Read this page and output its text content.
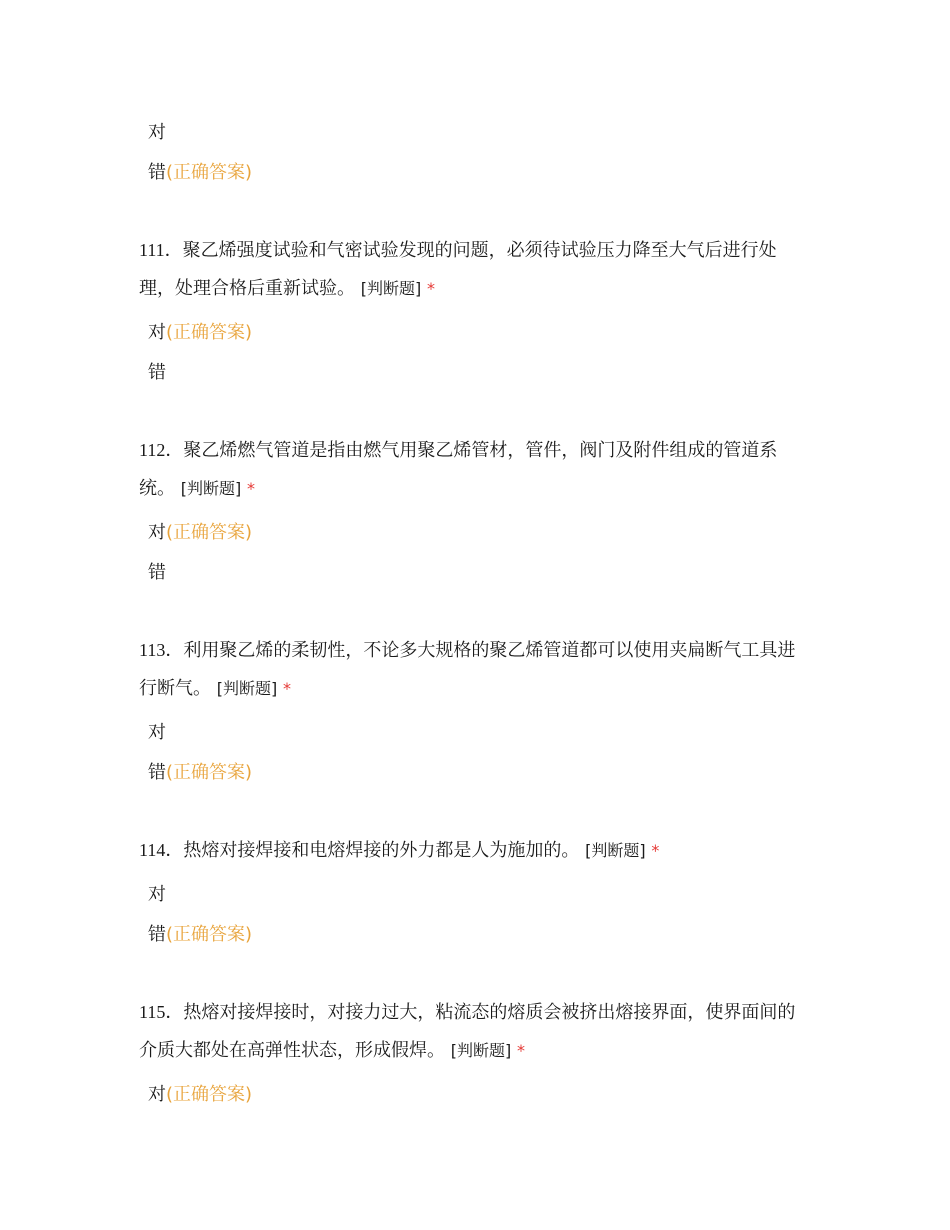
对
错(正确答案)
111．聚乙烯强度试验和气密试验发现的问题，必须待试验压力降至大气后进行处理，处理合格后重新试验。 [判断题] *
对(正确答案)
错
112．聚乙烯燃气管道是指由燃气用聚乙烯管材，管件，阀门及附件组成的管道系统。 [判断题] *
对(正确答案)
错
113．利用聚乙烯的柔韧性，不论多大规格的聚乙烯管道都可以使用夹扁断气工具进行断气。 [判断题] *
对
错(正确答案)
114．热熔对接焊接和电熔焊接的外力都是人为施加的。 [判断题] *
对
错(正确答案)
115．热熔对接焊接时，对接力过大，粘流态的熔质会被挤出熔接界面，使界面间的介质大都处在高弹性状态，形成假焊。 [判断题] *
对(正确答案)
